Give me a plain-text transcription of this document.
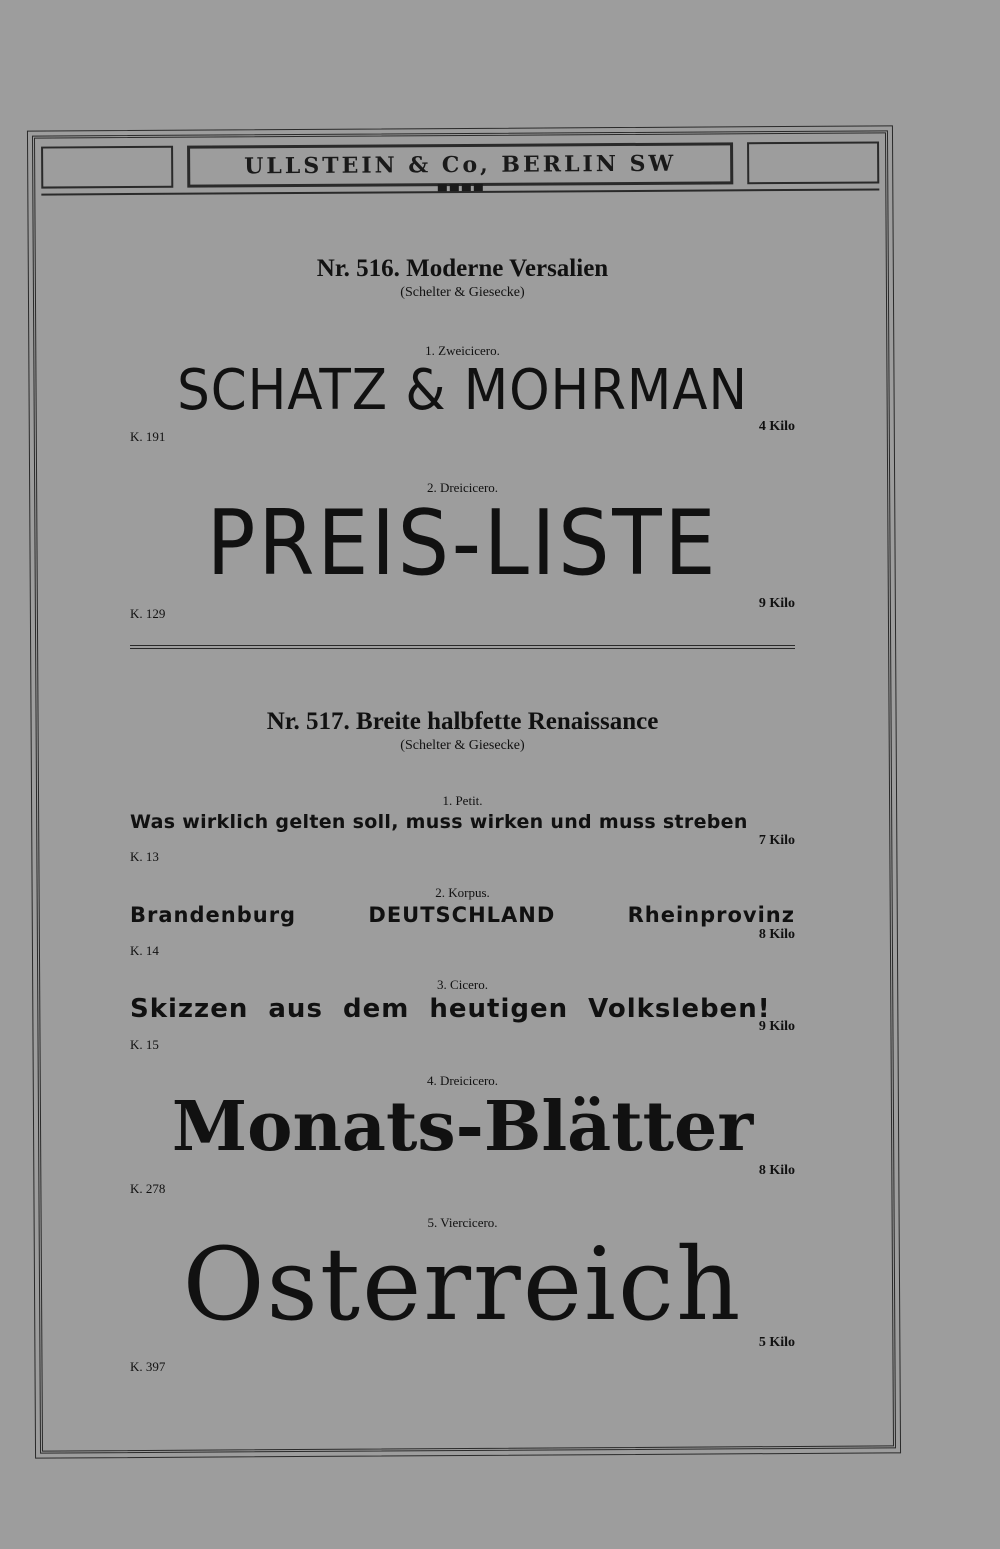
ULLSTEIN & Co, BERLIN SW

Nr. 516. Moderne Versalien

(Schelter & Giesecke)

1. Zweicicero.

SCHATZ & MOHRMAN

K. 191
4 Kilo

2. Dreicicero.

PREIS-LISTE

K. 129
9 Kilo

Nr. 517. Breite halbfette Renaissance

(Schelter & Giesecke)

1. Petit.

Was wirklich gelten soll, muss wirken und muss streben

K. 13
7 Kilo

2. Korpus.

Brandenburg	DEUTSCHLAND	Rheinprovinz
K. 14
8 Kilo

3. Cicero.

Skizzen aus dem heutigen Volksleben!

K. 15
9 Kilo

4. Dreicicero.

Monats-Blätter

K. 278
8 Kilo

5. Viercicero.

Osterreich

K. 397
5 Kilo
